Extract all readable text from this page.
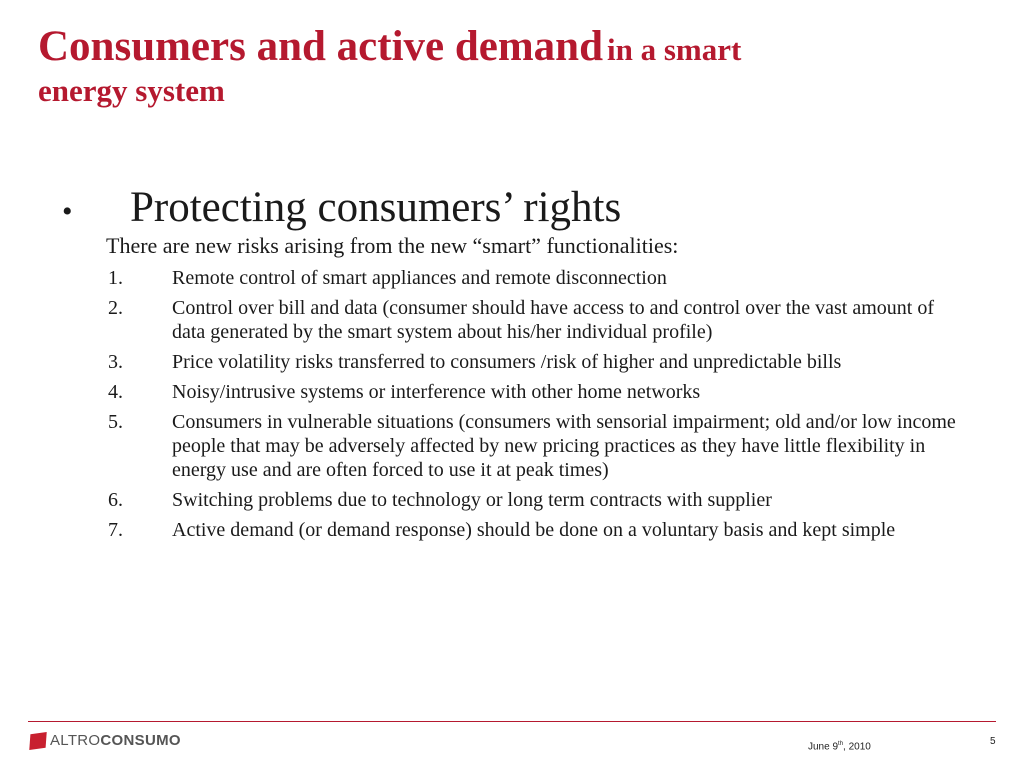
Consumers and active demand in a smart
energy system
•	Protecting consumers’ rights
There are new risks arising from the new “smart” functionalities:
1.	Remote control of smart appliances and remote disconnection
2.	Control over bill and data (consumer should have access to and control over the vast amount of data generated by the smart system about his/her individual profile)
3.	Price volatility risks transferred to consumers /risk of higher and unpredictable bills
4.	Noisy/intrusive systems or interference with other home networks
5.	Consumers in vulnerable situations (consumers with sensorial impairment; old and/or low income people that may be adversely affected by new pricing practices as they have little flexibility in energy use and are often forced to use it at peak times)
6.	Switching problems due to technology or long term contracts with supplier
7.	Active demand (or demand response) should be done on a voluntary basis and kept simple
ALTRO CONSUMO	June 9th, 2010	5
